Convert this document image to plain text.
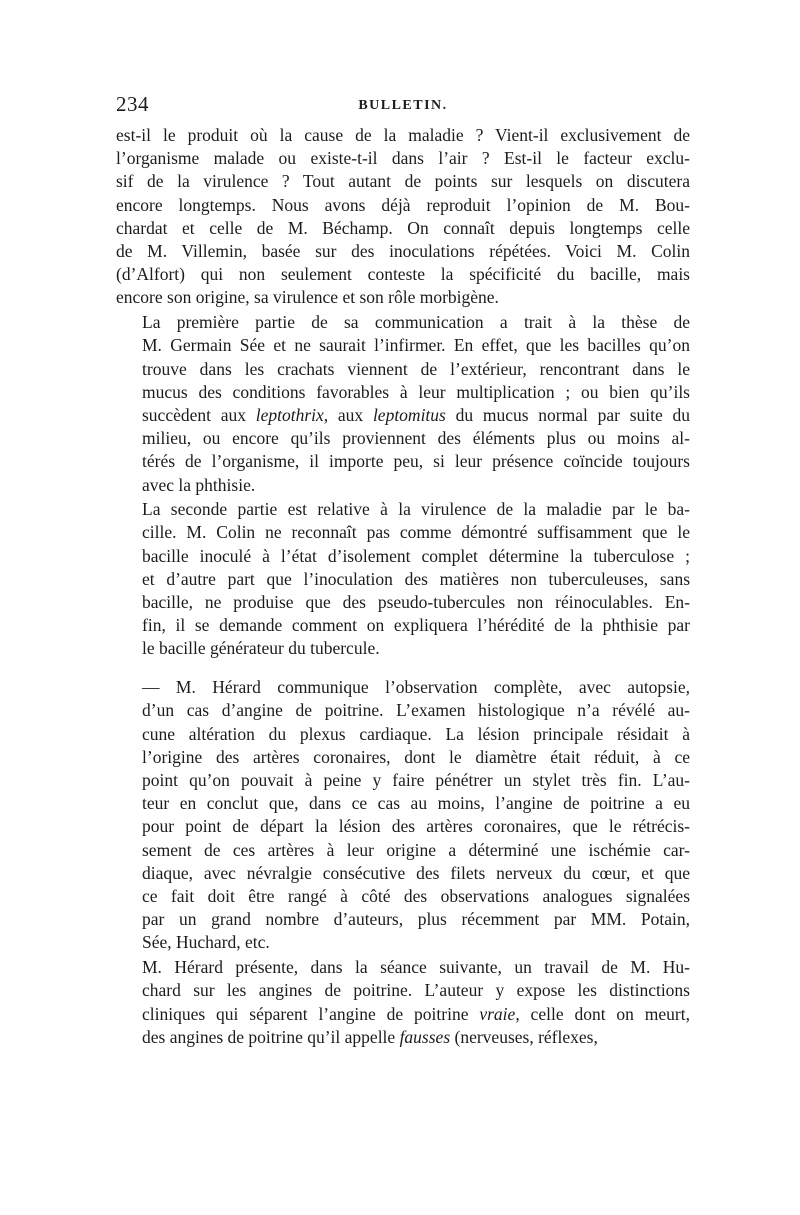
234	BULLETIN.
est-il le produit où la cause de la maladie ? Vient-il exclusivement de
l’organisme malade ou existe-t-il dans l’air ? Est-il le facteur exclu-
sif de la virulence ? Tout autant de points sur lesquels on discutera
encore longtemps. Nous avons déjà reproduit l’opinion de M. Bou-
chardat et celle de M. Béchamp. On connaît depuis longtemps celle
de M. Villemin, basée sur des inoculations répétées. Voici M. Colin
(d’Alfort) qui non seulement conteste la spécificité du bacille, mais
encore son origine, sa virulence et son rôle morbigène.
La première partie de sa communication a trait à la thèse de
M. Germain Sée et ne saurait l’infirmer. En effet, que les bacilles qu’on
trouve dans les crachats viennent de l’extérieur, rencontrant dans le
mucus des conditions favorables à leur multiplication ; ou bien qu’ils
succèdent aux leptothrix, aux leptomitus du mucus normal par suite du
milieu, ou encore qu’ils proviennent des éléments plus ou moins al-
térés de l’organisme, il importe peu, si leur présence coïncide toujours
avec la phthisie.
La seconde partie est relative à la virulence de la maladie par le ba-
cille. M. Colin ne reconnaît pas comme démontré suffisamment que le
bacille inoculé à l’état d’isolement complet détermine la tuberculose ;
et d’autre part que l’inoculation des matières non tuberculeuses, sans
bacille, ne produise que des pseudo-tubercules non réinoculables. En-
fin, il se demande comment on expliquera l’hérédité de la phthisie par
le bacille générateur du tubercule.
— M. Hérard communique l’observation complète, avec autopsie,
d’un cas d’angine de poitrine. L’examen histologique n’a révélé au-
cune altération du plexus cardiaque. La lésion principale résidait à
l’origine des artères coronaires, dont le diamètre était réduit, à ce
point qu’on pouvait à peine y faire pénétrer un stylet très fin. L’au-
teur en conclut que, dans ce cas au moins, l’angine de poitrine a eu
pour point de départ la lésion des artères coronaires, que le rétrécis-
sement de ces artères à leur origine a déterminé une ischémie car-
diaque, avec névralgie consécutive des filets nerveux du cœur, et que
ce fait doit être rangé à côté des observations analogues signalées
par un grand nombre d’auteurs, plus récemment par MM. Potain,
Sée, Huchard, etc.
M. Hérard présente, dans la séance suivante, un travail de M. Hu-
chard sur les angines de poitrine. L’auteur y expose les distinctions
cliniques qui séparent l’angine de poitrine vraie, celle dont on meurt,
des angines de poitrine qu’il appelle fausses (nerveuses, réflexes,
